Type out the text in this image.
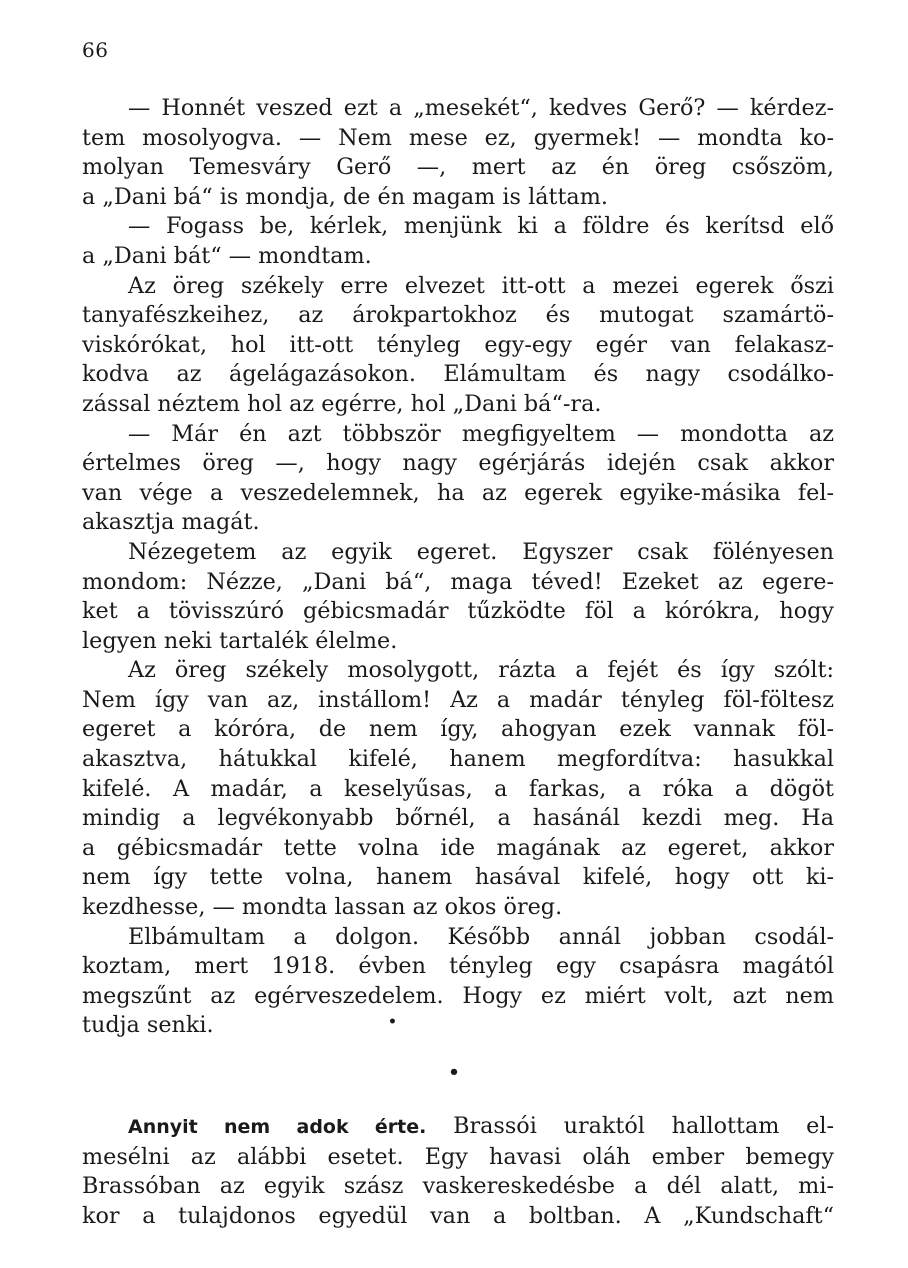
66
— Honnét veszed ezt a „mesekét“, kedves Gerő? — kérdez-
tem mosolyogva. — Nem mese ez, gyermek! — mondta ko-
molyan Temesváry Gerő —, mert az én öreg csőszöm,
a „Dani bá“ is mondja, de én magam is láttam.
— Fogass be, kérlek, menjünk ki a földre és kerítsd elő
a „Dani bát“ — mondtam.
Az öreg székely erre elvezet itt-ott a mezei egerek őszi
tanyafészkeihez, az árokpartokhoz és mutogat szamártö-
viskórókat, hol itt-ott tényleg egy-egy egér van felakasz-
kodva az ágelágazásokon. Elámultam és nagy csodálko-
zással néztem hol az egérre, hol „Dani bá“-ra.
— Már én azt többször megfigyeltem — mondotta az
értelmes öreg —, hogy nagy egérjárás idején csak akkor
van vége a veszedelemnek, ha az egerek egyike-másika fel-
akasztja magát.
Nézegetem az egyik egeret. Egyszer csak fölényesen
mondom: Nézze, „Dani bá“, maga téved! Ezeket az egere-
ket a tövisszúró gébicsmadár tűzködte föl a kórókra, hogy
legyen neki tartalék élelme.
Az öreg székely mosolygott, rázta a fejét és így szólt:
Nem így van az, instállom! Az a madár tényleg föl-föltesz
egeret a kóróra, de nem így, ahogyan ezek vannak föl-
akasztva, hátukkal kifelé, hanem megfordítva: hasukkal
kifelé. A madár, a keselyűsas, a farkas, a róka a dögöt
mindig a legvékonyabb bőrnél, a hasánál kezdi meg. Ha
a gébicsmadár tette volna ide magának az egeret, akkor
nem így tette volna, hanem hasával kifelé, hogy ott ki-
kezdhesse, — mondta lassan az okos öreg.
Elbámultam a dolgon. Később annál jobban csodál-
koztam, mert 1918. évben tényleg egy csapásra magától
megszűnt az egérveszedelem. Hogy ez miért volt, azt nem
tudja senki.	•
•
Annyit nem adok érte. Brassói uraktól hallottam el-
mesélni az alábbi esetet. Egy havasi oláh ember bemegy
Brassóban az egyik szász vaskereskedésbe a dél alatt, mi-
kor a tulajdonos egyedül van a boltban. A „Kundschaft“
